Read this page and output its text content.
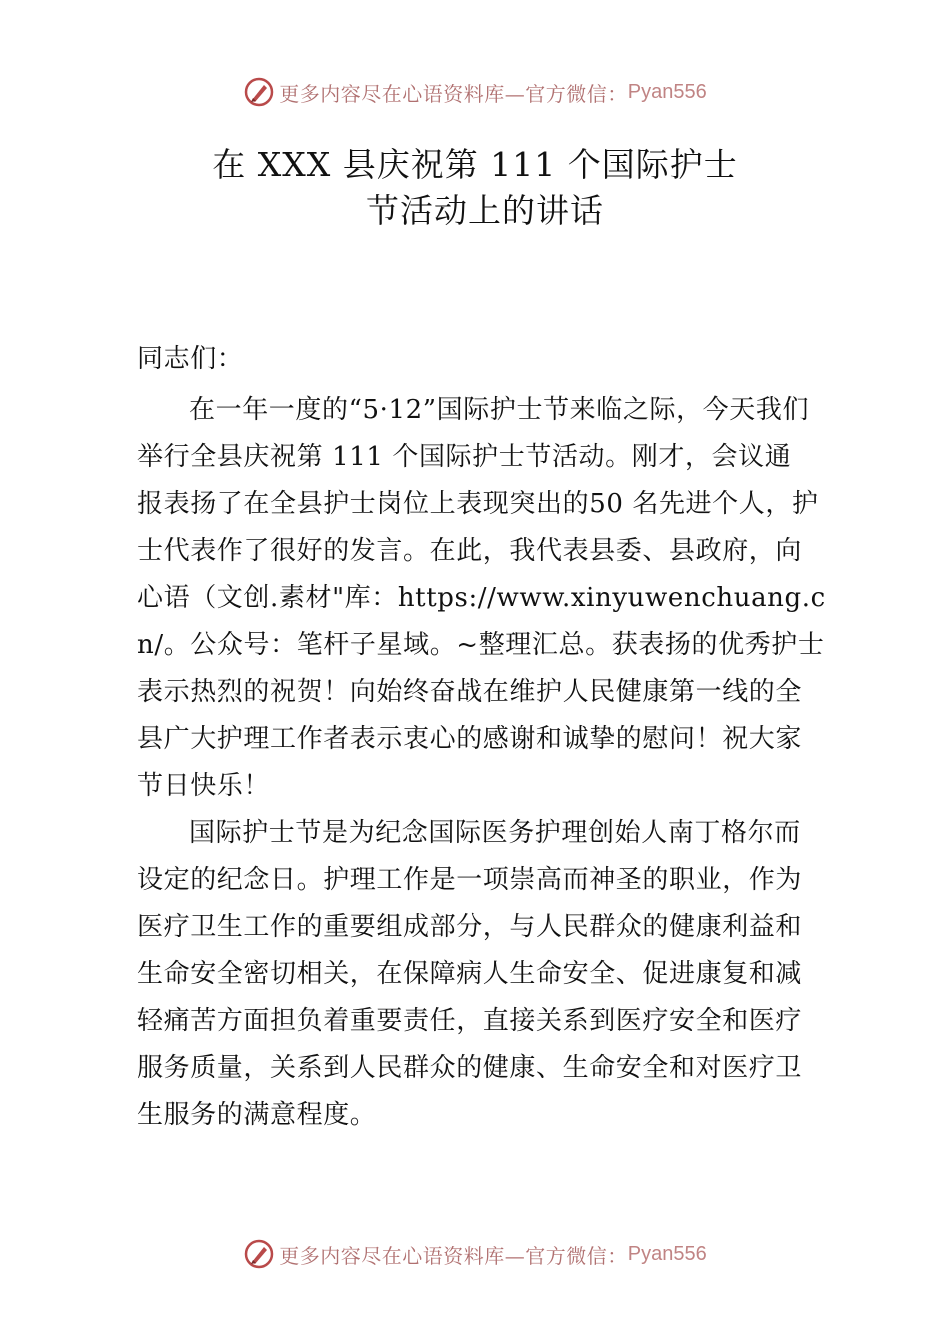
更多内容尽在心语资料库—官方微信： Pyan556
在 XXX 县庆祝第 111 个国际护士
节活动上的讲话

同志们：

在一年一度的“5·12”国际护士节来临之际，今天我们举行全县庆祝第 111 个国际护士节活动。刚才，会议通

报表扬了在全县护士岗位上表现突出的50 名先进个人，护士代表作了很好的发言。在此，我代表县委、县政府，向心语（文创.素材"库：https://www.xinyuwenchuang.cn/。公众号：笔杆子星域。~整理汇总。获表扬的优秀护士表示热烈的祝贺！向始终奋战在维护人民健康第一线的全县广大护理工作者表示衷心的感谢和诚挚的慰问！祝大家节日快乐！

国际护士节是为纪念国际医务护理创始人南丁格尔而

设定的纪念日。护理工作是一项崇高而神圣的职业，作为医疗卫生工作的重要组成部分，与人民群众的健康利益和生命安全密切相关，在保障病人生命安全、促进康复和减轻痛苦方面担负着重要责任，直接关系到医疗安全和医疗服务质量，关系到人民群众的健康、生命安全和对医疗卫生服务的满意程度。

更多内容尽在心语资料库—官方微信： Pyan556
